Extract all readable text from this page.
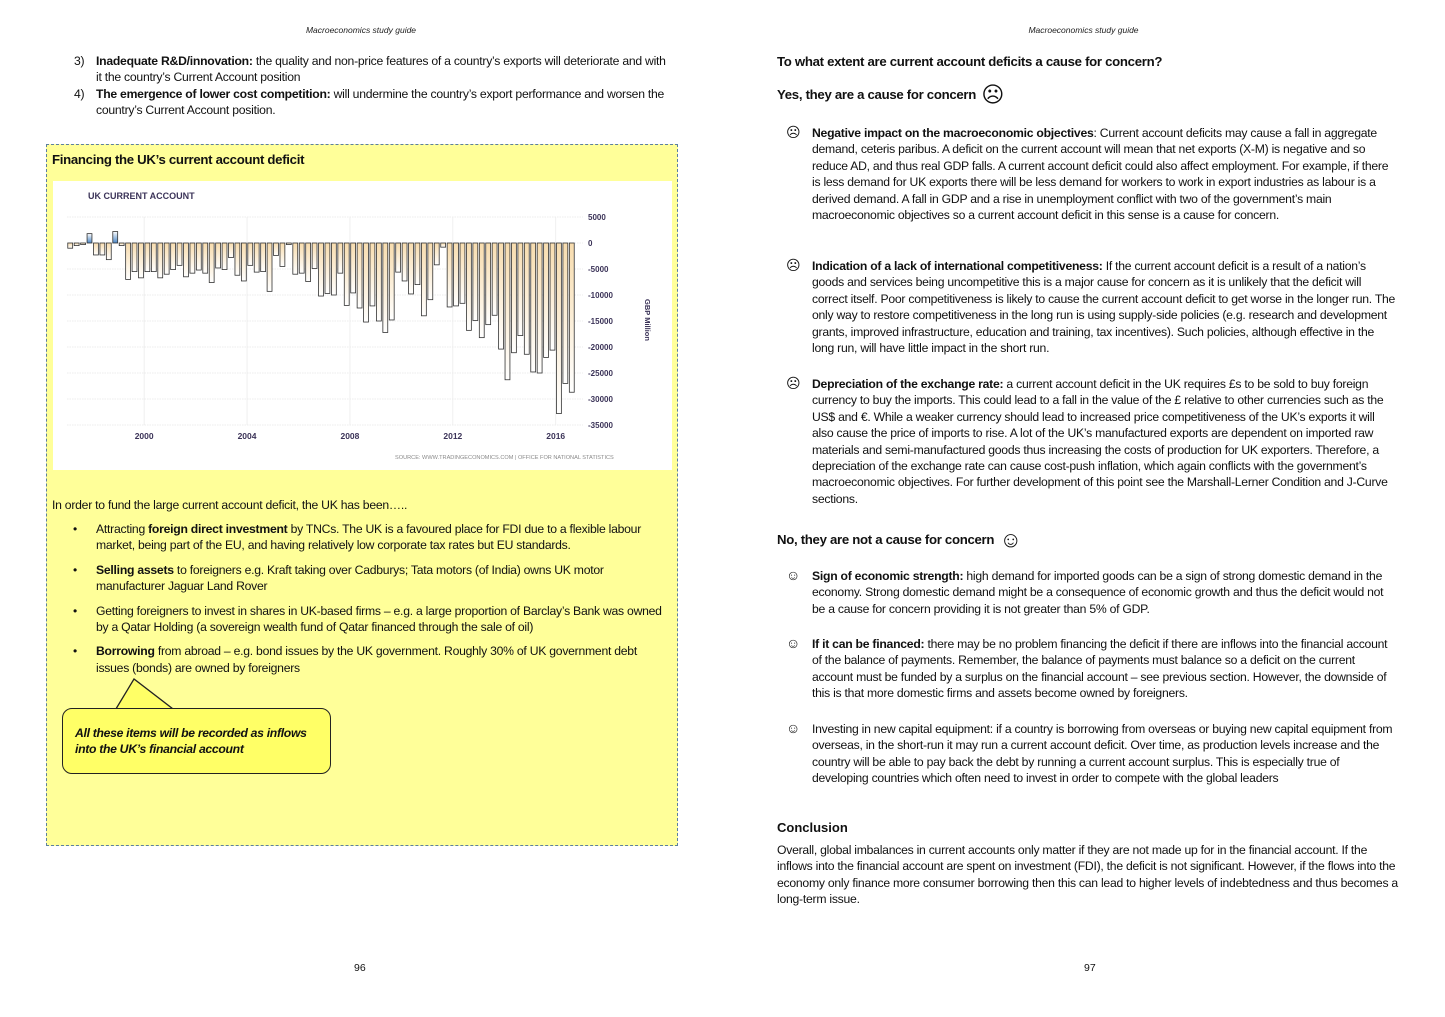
Macroeconomics study guide
3) Inadequate R&D/innovation: the quality and non-price features of a country’s exports will deteriorate and with it the country’s Current Account position
4) The emergence of lower cost competition: will undermine the country’s export performance and worsen the country’s Current Account position.
Financing the UK’s current account deficit
UK CURRENT ACCOUNT
5000
0
-5000
-10000
-15000
-20000
-25000
-30000
-35000
2000	2004	2008	2012	2016
GBP Million
SOURCE: WWW.TRADINGECONOMICS.COM | OFFICE FOR NATIONAL STATISTICS
In order to fund the large current account deficit, the UK has been…..
•	Attracting foreign direct investment by TNCs. The UK is a favoured place for FDI due to a flexible labour market, being part of the EU, and having relatively low corporate tax rates but EU standards.
•	Selling assets to foreigners e.g. Kraft taking over Cadburys; Tata motors (of India) owns UK motor manufacturer Jaguar Land Rover
•	Getting foreigners to invest in shares in UK-based firms – e.g. a large proportion of Barclay’s Bank was owned by a Qatar Holding (a sovereign wealth fund of Qatar financed through the sale of oil)
•	Borrowing from abroad – e.g. bond issues by the UK government. Roughly 30% of UK government debt issues (bonds) are owned by foreigners
All these items will be recorded as inflows into the UK’s financial account
96
Macroeconomics study guide
To what extent are current account deficits a cause for concern?
Yes, they are a cause for concern ☹
☹ Negative impact on the macroeconomic objectives: Current account deficits may cause a fall in aggregate demand, ceteris paribus. A deficit on the current account will mean that net exports (X-M) is negative and so reduce AD, and thus real GDP falls. A current account deficit could also affect employment. For example, if there is less demand for UK exports there will be less demand for workers to work in export industries as labour is a derived demand. A fall in GDP and a rise in unemployment conflict with two of the government’s main macroeconomic objectives so a current account deficit in this sense is a cause for concern.
☹ Indication of a lack of international competitiveness: If the current account deficit is a result of a nation’s goods and services being uncompetitive this is a major cause for concern as it is unlikely that the deficit will correct itself. Poor competitiveness is likely to cause the current account deficit to get worse in the longer run. The only way to restore competitiveness in the long run is using supply-side policies (e.g. research and development grants, improved infrastructure, education and training, tax incentives). Such policies, although effective in the long run, will have little impact in the short run.
☹ Depreciation of the exchange rate: a current account deficit in the UK requires £s to be sold to buy foreign currency to buy the imports. This could lead to a fall in the value of the £ relative to other currencies such as the US$ and €. While a weaker currency should lead to increased price competitiveness of the UK’s exports it will also cause the price of imports to rise. A lot of the UK’s manufactured exports are dependent on imported raw materials and semi-manufactured goods thus increasing the costs of production for UK exporters. Therefore, a depreciation of the exchange rate can cause cost-push inflation, which again conflicts with the government’s macroeconomic objectives. For further development of this point see the Marshall-Lerner Condition and J-Curve sections.
No, they are not a cause for concern ☺
☺ Sign of economic strength: high demand for imported goods can be a sign of strong domestic demand in the economy. Strong domestic demand might be a consequence of economic growth and thus the deficit would not be a cause for concern providing it is not greater than 5% of GDP.
☺ If it can be financed: there may be no problem financing the deficit if there are inflows into the financial account of the balance of payments. Remember, the balance of payments must balance so a deficit on the current account must be funded by a surplus on the financial account – see previous section. However, the downside of this is that more domestic firms and assets become owned by foreigners.
☺ Investing in new capital equipment: if a country is borrowing from overseas or buying new capital equipment from overseas, in the short-run it may run a current account deficit. Over time, as production levels increase and the country will be able to pay back the debt by running a current account surplus. This is especially true of developing countries which often need to invest in order to compete with the global leaders
Conclusion
Overall, global imbalances in current accounts only matter if they are not made up for in the financial account. If the inflows into the financial account are spent on investment (FDI), the deficit is not significant. However, if the flows into the economy only finance more consumer borrowing then this can lead to higher levels of indebtedness and thus becomes a long-term issue.
97
